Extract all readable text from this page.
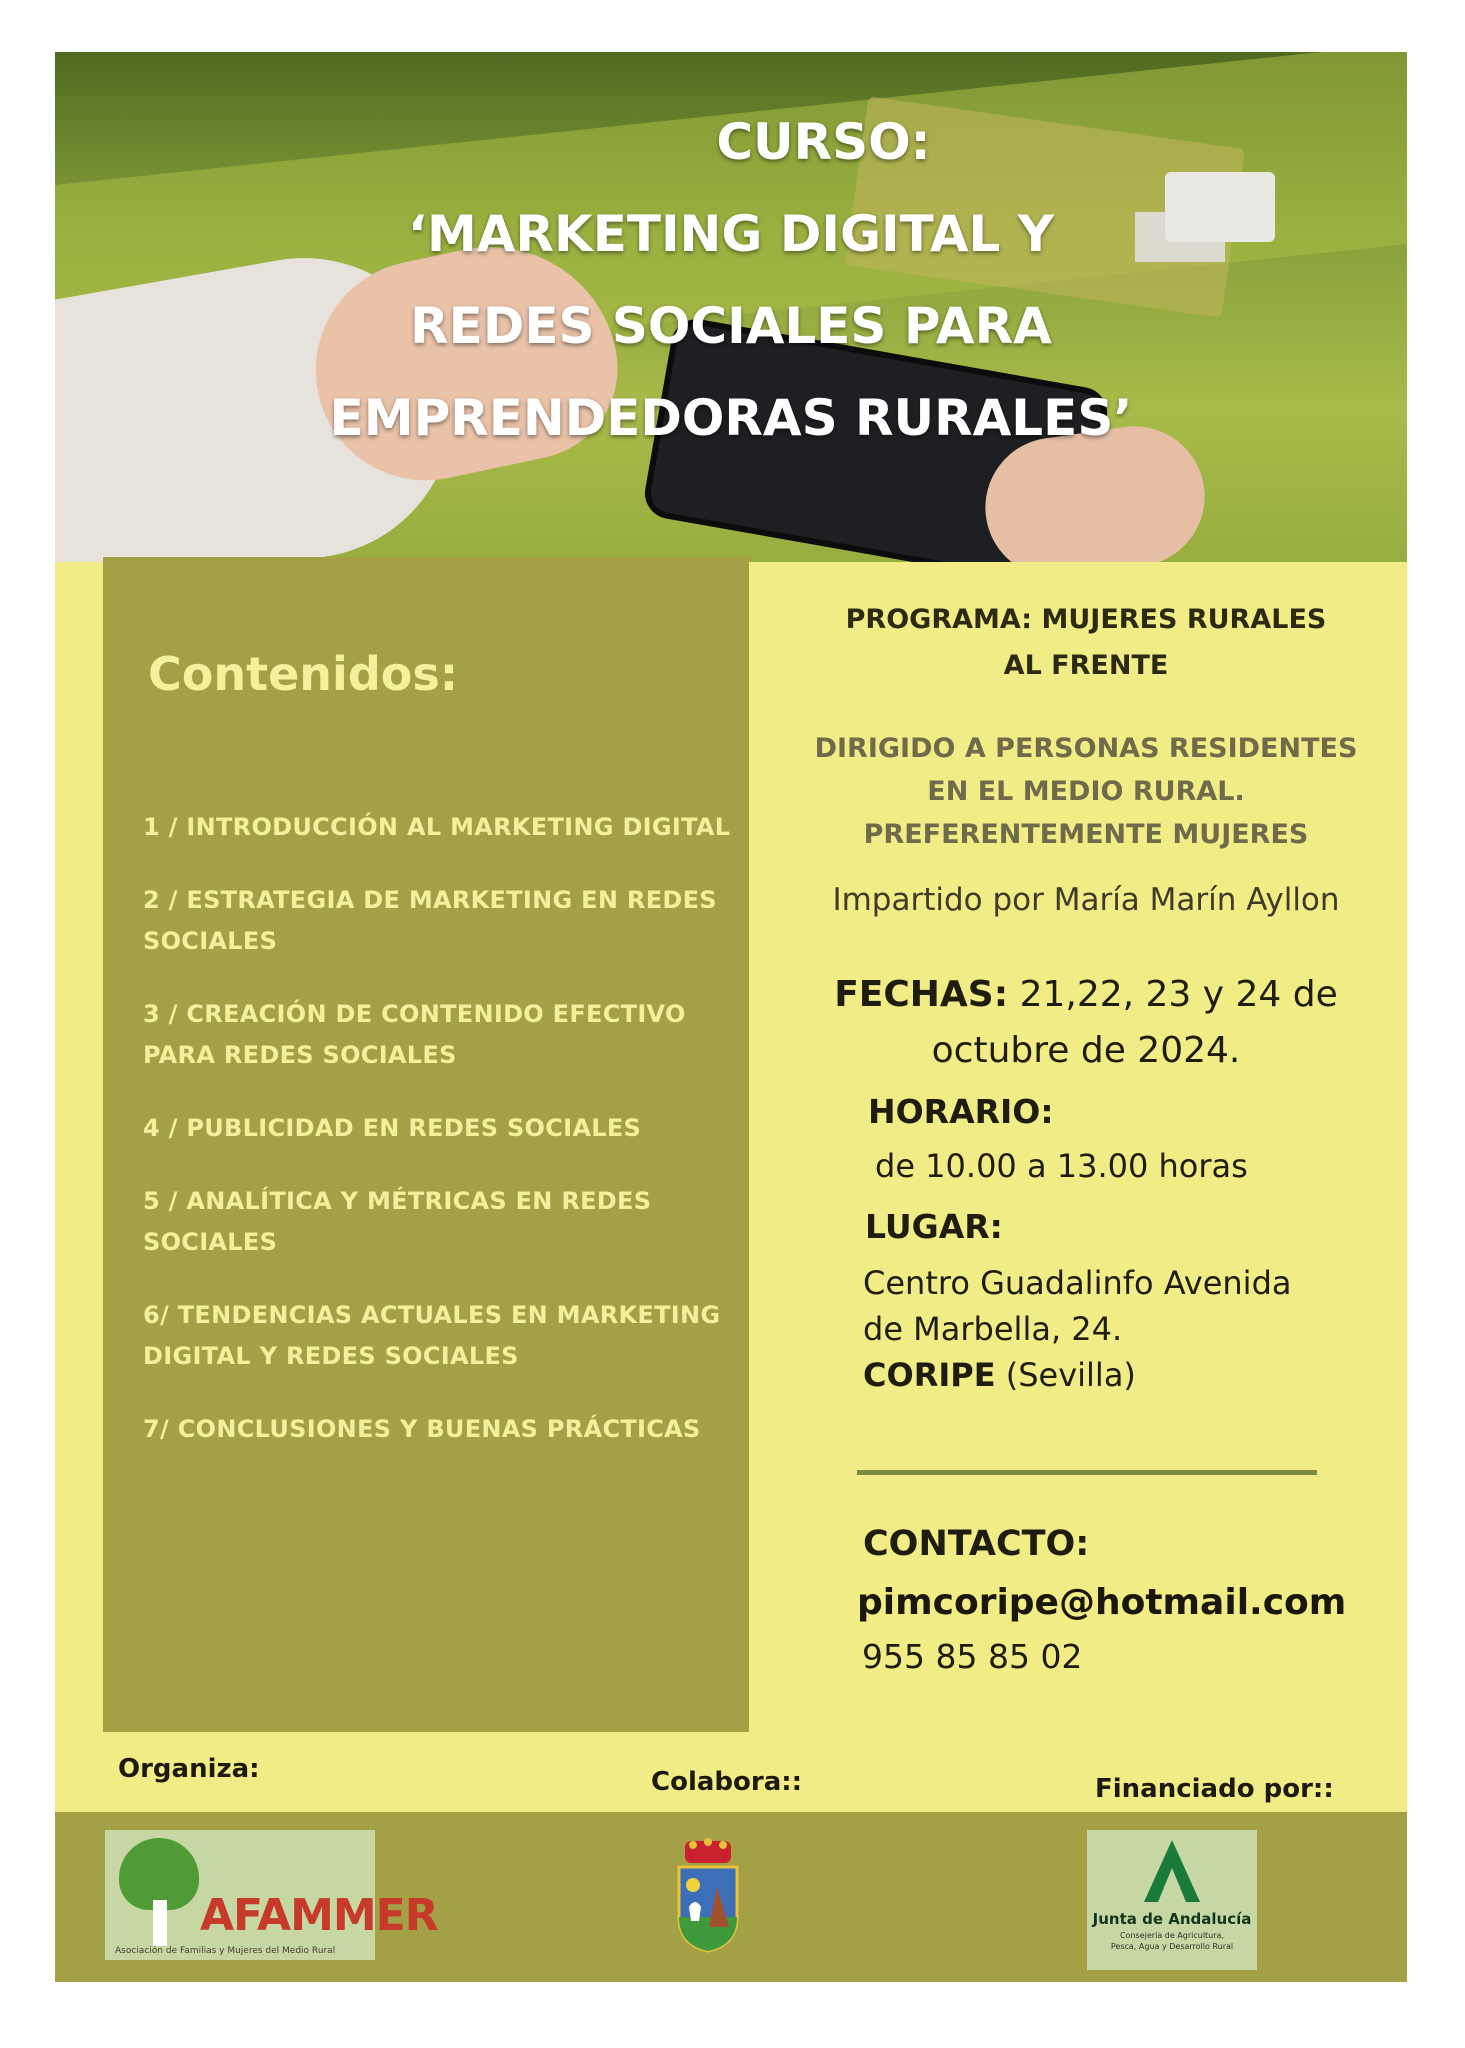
CURSO:
‘MARKETING DIGITAL Y
REDES SOCIALES PARA
EMPRENDEDORAS RURALES’
Contenidos:
1 / INTRODUCCIÓN AL MARKETING DIGITAL
2 / ESTRATEGIA DE MARKETING EN REDES SOCIALES
3 / CREACIÓN DE CONTENIDO EFECTIVO PARA REDES SOCIALES
4 / PUBLICIDAD EN REDES SOCIALES
5 / ANALÍTICA Y MÉTRICAS EN REDES SOCIALES
6/ TENDENCIAS ACTUALES EN MARKETING DIGITAL Y REDES SOCIALES
7/ CONCLUSIONES Y BUENAS PRÁCTICAS
PROGRAMA: MUJERES RURALES
AL FRENTE
DIRIGIDO A PERSONAS RESIDENTES
EN EL MEDIO RURAL.
PREFERENTEMENTE MUJERES
Impartido por María Marín Ayllon
FECHAS: 21,22, 23 y 24 de
octubre de 2024.
HORARIO:
de 10.00 a 13.00 horas
LUGAR:
Centro Guadalinfo Avenida
de Marbella, 24.
CORIPE (Sevilla)
CONTACTO:
pimcoripe@hotmail.com
955 85 85 02
Organiza:	Colabora::	Financiado por::
AFAMMER
Asociación de Familias y Mujeres del Medio Rural
Junta de Andalucía
Consejería de Agricultura,
Pesca, Agua y Desarrollo Rural
